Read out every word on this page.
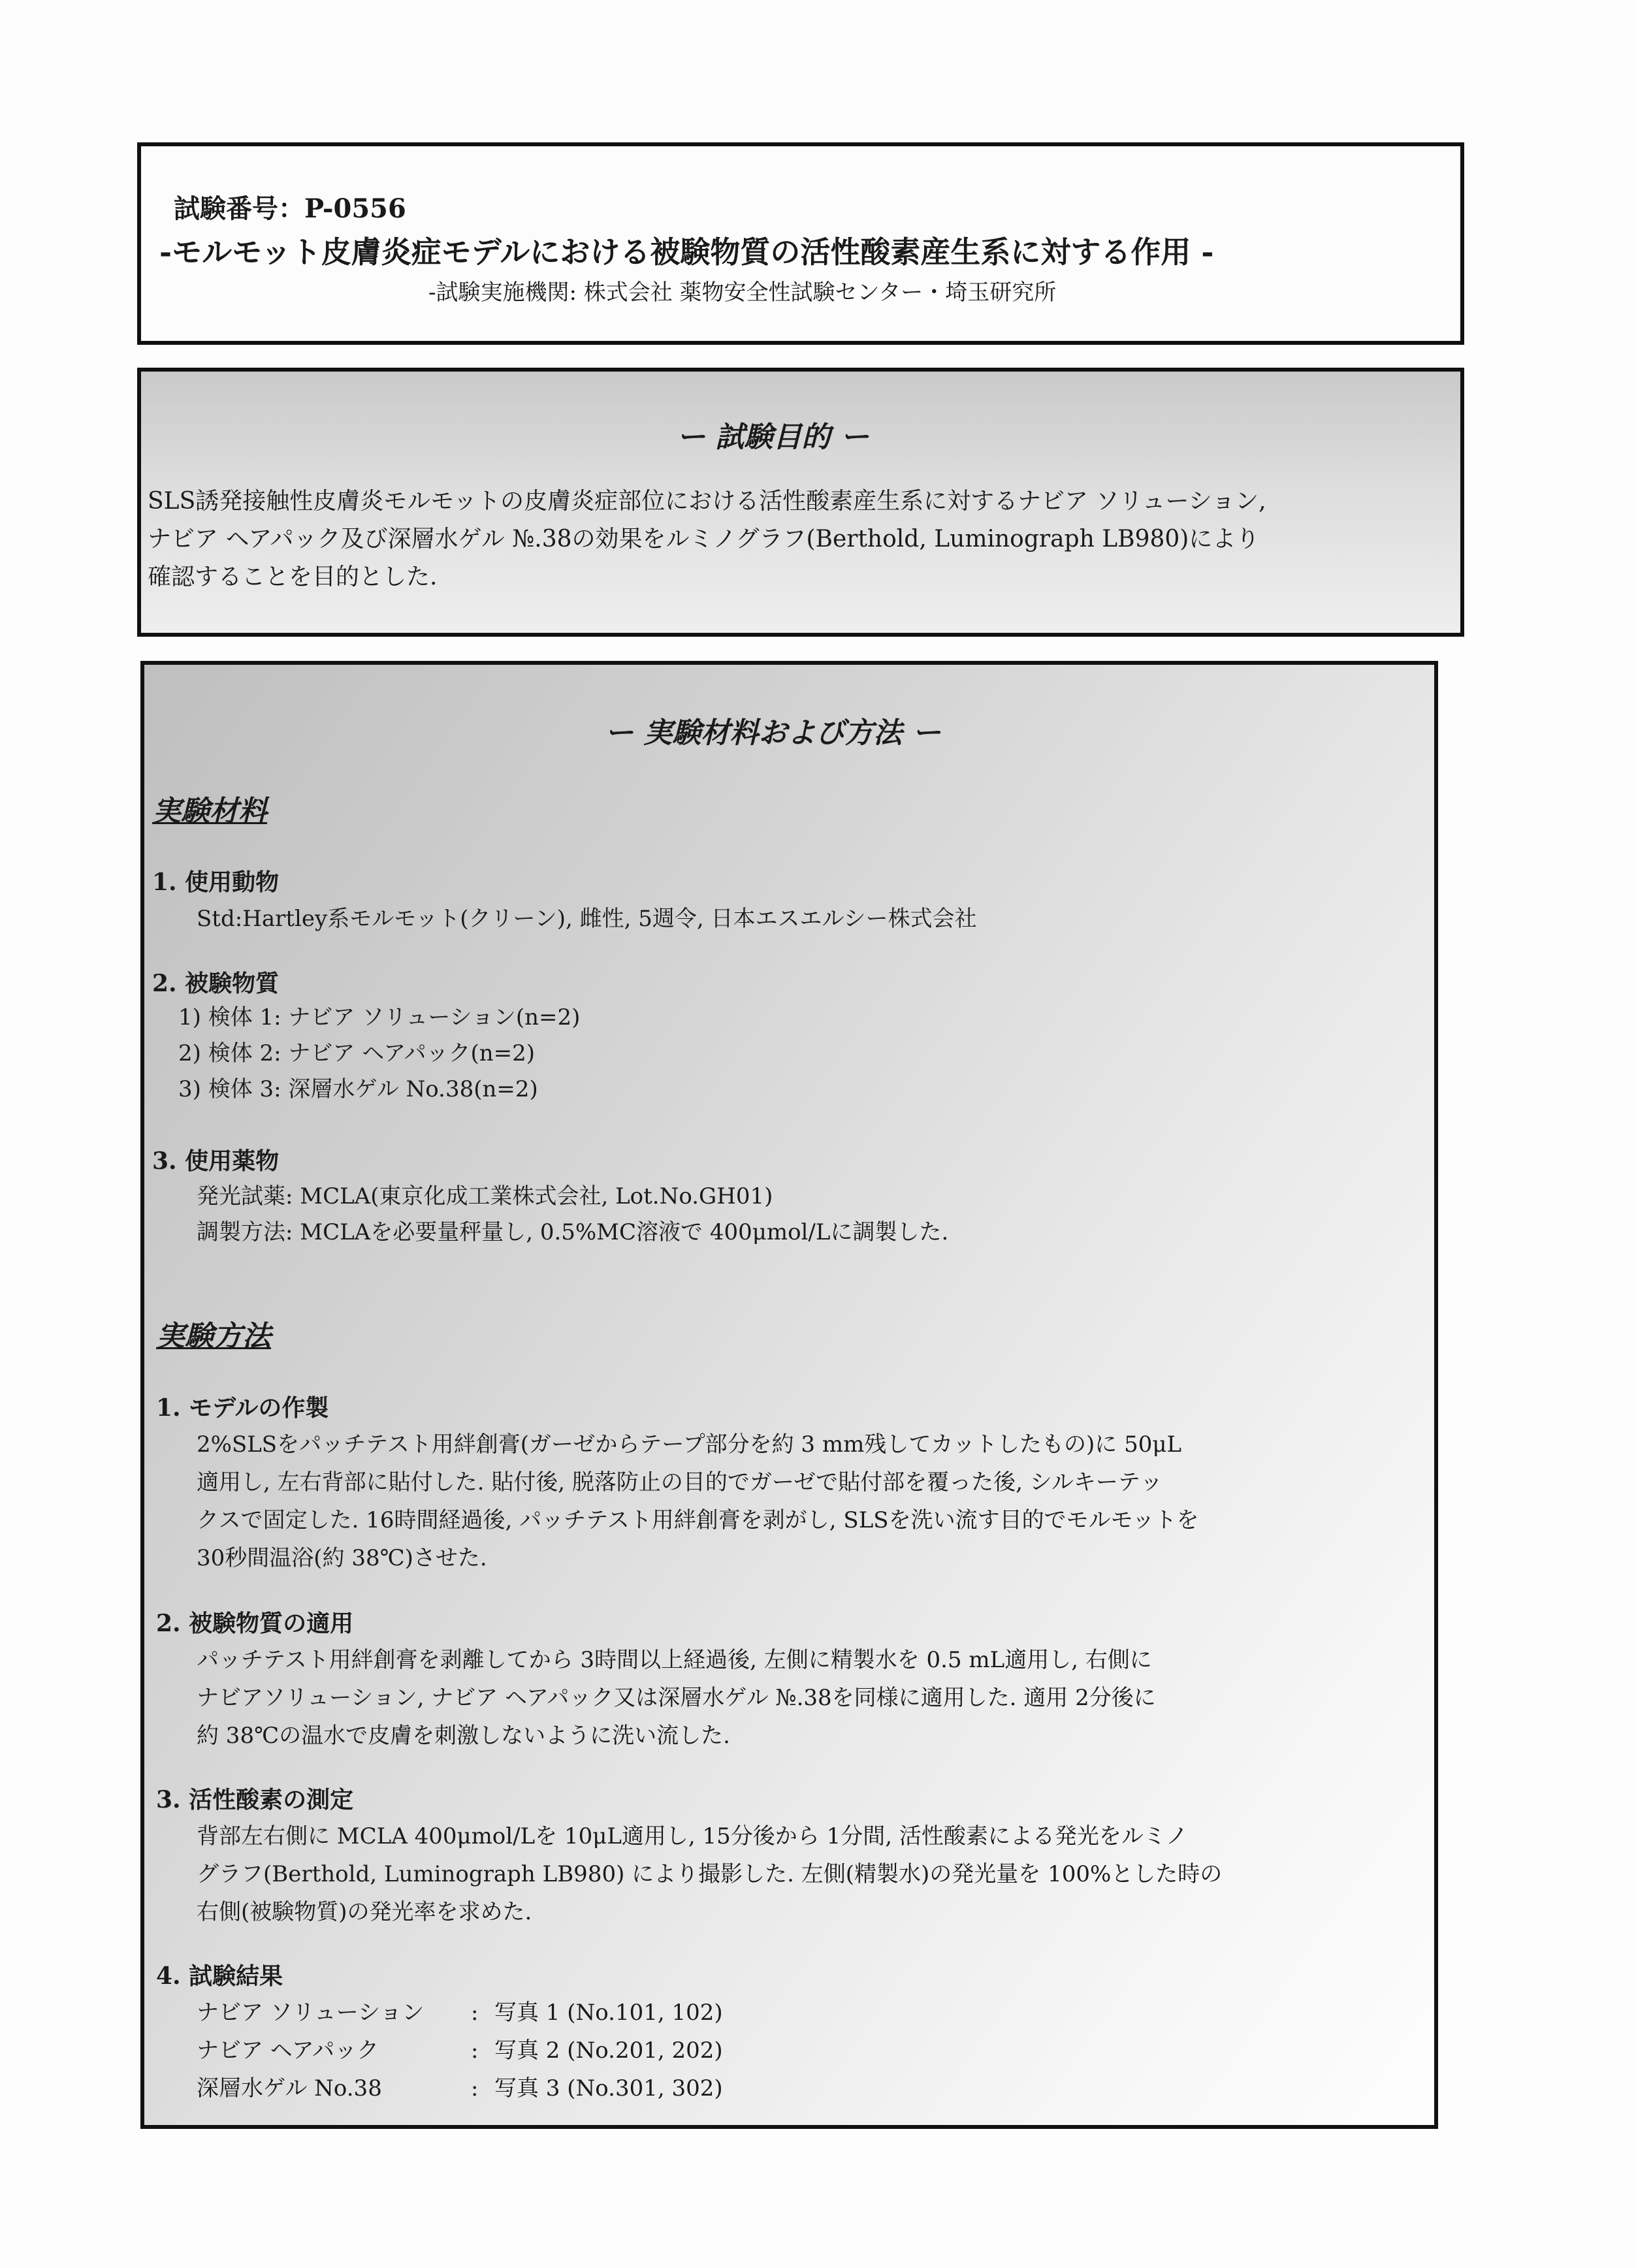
試験番号：P-0556
-モルモット皮膚炎症モデルにおける被験物質の活性酸素産生系に対する作用 -
-試験実施機関: 株式会社 薬物安全性試験センター・埼玉研究所
ー 試験目的 ー
SLS誘発接触性皮膚炎モルモットの皮膚炎症部位における活性酸素産生系に対するナビア ソリューション,
ナビア ヘアパック及び深層水ゲル №.38の効果をルミノグラフ(Berthold, Luminograph LB980)により
確認することを目的とした.
ー 実験材料および方法 ー
実験材料
1. 使用動物
Std:Hartley系モルモット(クリーン), 雌性, 5週令, 日本エスエルシー株式会社
2. 被験物質
1) 検体 1: ナビア ソリューション(n=2)
2) 検体 2: ナビア ヘアパック(n=2)
3) 検体 3: 深層水ゲル No.38(n=2)
3. 使用薬物
発光試薬: MCLA(東京化成工業株式会社, Lot.No.GH01)
調製方法: MCLAを必要量秤量し, 0.5%MC溶液で 400μmol/Lに調製した.
実験方法
1. モデルの作製
2%SLSをパッチテスト用絆創膏(ガーゼからテープ部分を約 3 mm残してカットしたもの)に 50μL
適用し, 左右背部に貼付した. 貼付後, 脱落防止の目的でガーゼで貼付部を覆った後, シルキーテッ
クスで固定した. 16時間経過後, パッチテスト用絆創膏を剥がし, SLSを洗い流す目的でモルモットを
30秒間温浴(約 38℃)させた.
2. 被験物質の適用
パッチテスト用絆創膏を剥離してから 3時間以上経過後, 左側に精製水を 0.5 mL適用し, 右側に
ナビアソリューション, ナビア ヘアパック又は深層水ゲル №.38を同様に適用した. 適用 2分後に
約 38℃の温水で皮膚を刺激しないように洗い流した.
3. 活性酸素の測定
背部左右側に MCLA 400μmol/Lを 10μL適用し, 15分後から 1分間, 活性酸素による発光をルミノ
グラフ(Berthold, Luminograph LB980) により撮影した. 左側(精製水)の発光量を 100%とした時の
右側(被験物質)の発光率を求めた.
4. 試験結果
ナビア ソリューション	: 写真 1 (No.101, 102)
ナビア ヘアパック	: 写真 2 (No.201, 202)
深層水ゲル No.38	: 写真 3 (No.301, 302)
